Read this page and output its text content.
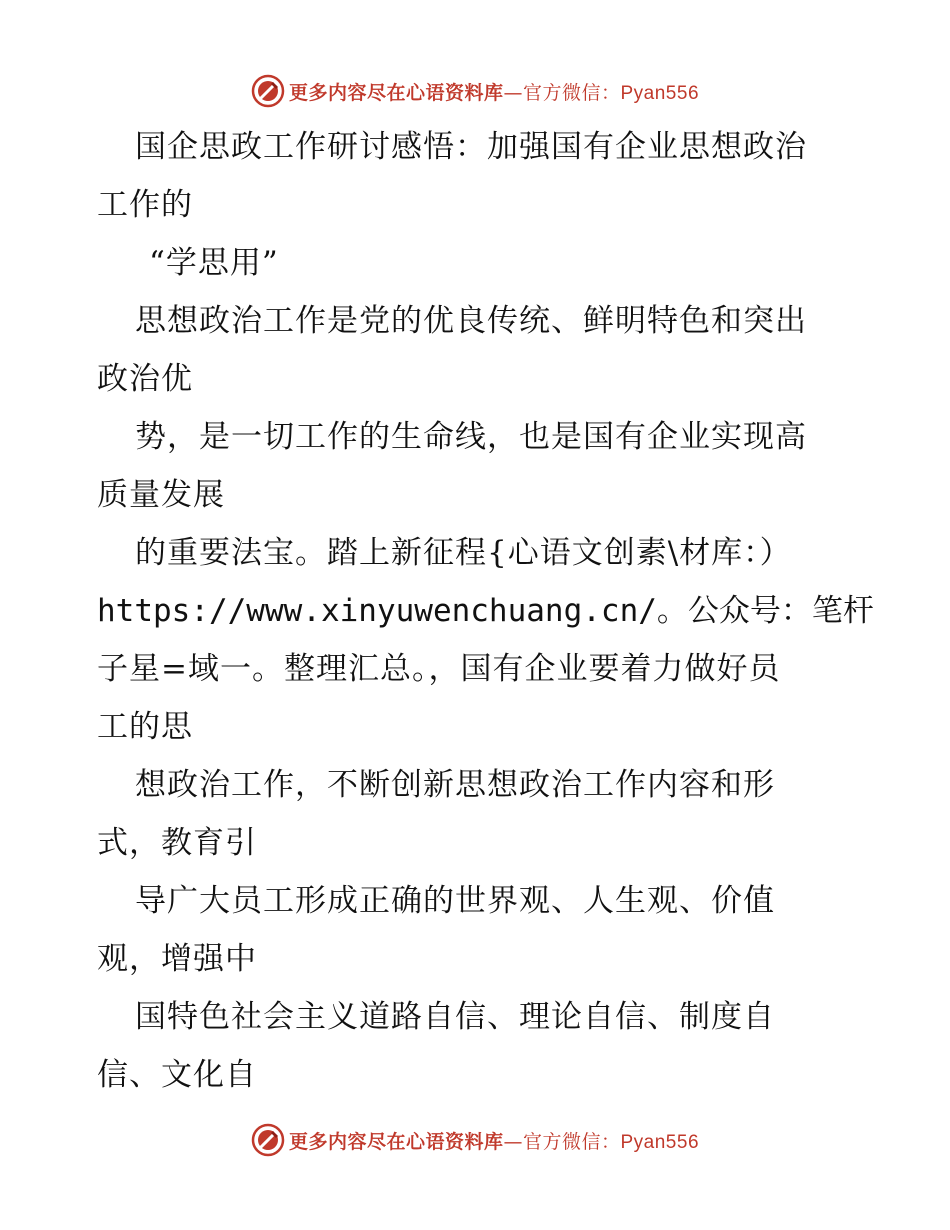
更多内容尽在心语资料库—官方微信：Pyan556
国企思政工作研讨感悟：加强国有企业思想政治
工作的
“学思用”
思想政治工作是党的优良传统、鲜明特色和突出
政治优
势，是一切工作的生命线，也是国有企业实现高
质量发展
的重要法宝。踏上新征程{心语文创素\材库：）
https://www.xinyuwenchuang.cn/。公众号：笔杆
子星=域一。整理汇总。，国有企业要着力做好员
工的思
想政治工作，不断创新思想政治工作内容和形
式，教育引
导广大员工形成正确的世界观、人生观、价值
观，增强中
国特色社会主义道路自信、理论自信、制度自
信、文化自
更多内容尽在心语资料库—官方微信：Pyan556
